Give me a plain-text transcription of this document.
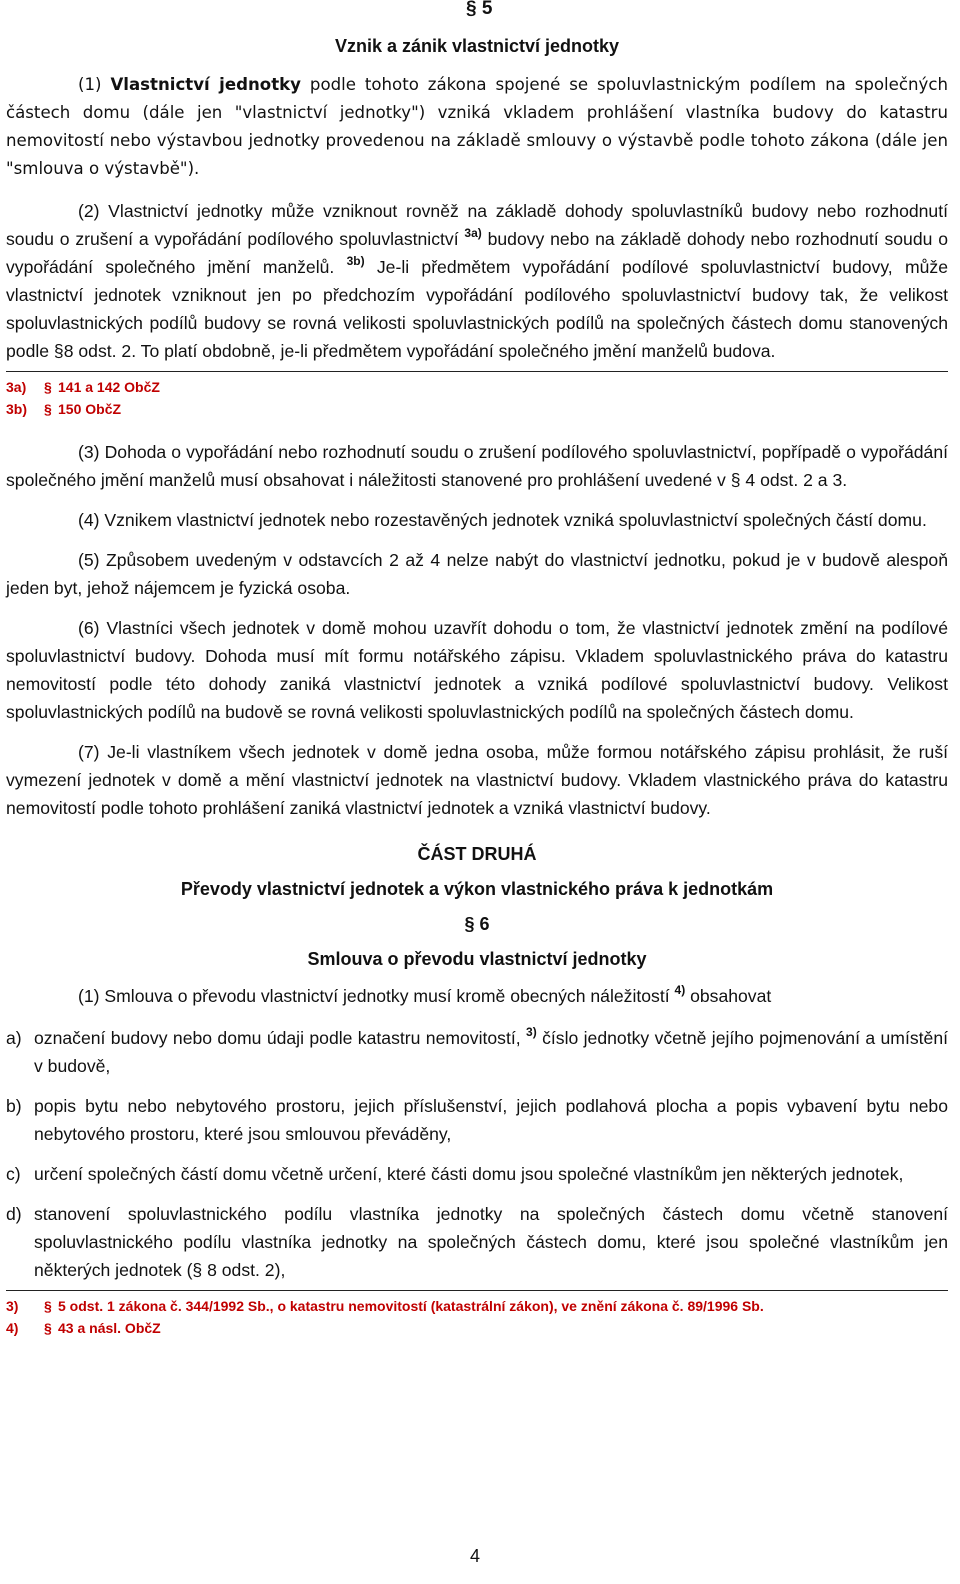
§ 5

Vznik a zánik vlastnictví jednotky

(1) Vlastnictví jednotky podle tohoto zákona spojené se spoluvlastnickým podílem na společných částech domu (dále jen "vlastnictví jednotky") vzniká vkladem prohlášení vlastníka budovy do katastru nemovitostí nebo výstavbou jednotky provedenou na základě smlouvy o výstavbě podle tohoto zákona (dále jen "smlouva o výstavbě").

(2) Vlastnictví jednotky může vzniknout rovněž na základě dohody spoluvlastníků budovy nebo rozhodnutí soudu o zrušení a vypořádání podílového spoluvlastnictví $^{3a)}$ budovy nebo na základě dohody nebo rozhodnutí soudu o vypořádání společného jmění manželů. $^{3b)}$ Je-li předmětem vypořádání podílové spoluvlastnictví budovy, může vlastnictví jednotek vzniknout jen po předchozím vypořádání podílového spoluvlastnictví budovy tak, že velikost spoluvlastnických podílů budovy se rovná velikosti spoluvlastnických podílů na společných částech domu stanovených podle §8 odst. 2. To platí obdobně, je-li předmětem vypořádání společného jmění manželů budova.

3a) § 141 a 142 ObčZ

3b) § 150 ObčZ

(3) Dohoda o vypořádání nebo rozhodnutí soudu o zrušení podílového spoluvlastnictví, popřípadě o vypořádání společného jmění manželů musí obsahovat i náležitosti stanovené pro prohlášení uvedené v § 4 odst. 2 a 3.

(4) Vznikem vlastnictví jednotek nebo rozestavěných jednotek vzniká spoluvlastnictví společných částí domu.

(5) Způsobem uvedeným v odstavcích 2 až 4 nelze nabýt do vlastnictví jednotku, pokud je v budově alespoň jeden byt, jehož nájemcem je fyzická osoba.

(6) Vlastníci všech jednotek v domě mohou uzavřít dohodu o tom, že vlastnictví jednotek změní na podílové spoluvlastnictví budovy. Dohoda musí mít formu notářského zápisu. Vkladem spoluvlastnického práva do katastru nemovitostí podle této dohody zaniká vlastnictví jednotek a vzniká podílové spoluvlastnictví budovy. Velikost spoluvlastnických podílů na budově se rovná velikosti spoluvlastnických podílů na společných částech domu.

(7) Je-li vlastníkem všech jednotek v domě jedna osoba, může formou notářského zápisu prohlásit, že ruší vymezení jednotek v domě a mění vlastnictví jednotek na vlastnictví budovy. Vkladem vlastnického práva do katastru nemovitostí podle tohoto prohlášení zaniká vlastnictví jednotek a vzniká vlastnictví budovy.

ČÁST DRUHÁ

Převody vlastnictví jednotek a výkon vlastnického práva k jednotkám

§ 6

Smlouva o převodu vlastnictví jednotky

(1) Smlouva o převodu vlastnictví jednotky musí kromě obecných náležitostí $^{4)}$ obsahovat

a) označení budovy nebo domu údaji podle katastru nemovitostí, $^{3)}$ číslo jednotky včetně jejího pojmenování a umístění v budově,
b) popis bytu nebo nebytového prostoru, jejich příslušenství, jejich podlahová plocha a popis vybavení bytu nebo nebytového prostoru, které jsou smlouvou převáděny,
c) určení společných částí domu včetně určení, které části domu jsou společné vlastníkům jen některých jednotek,
d) stanovení spoluvlastnického podílu vlastníka jednotky na společných částech domu včetně stanovení spoluvlastnického podílu vlastníka jednotky na společných částech domu, které jsou společné vlastníkům jen některých jednotek (§ 8 odst. 2),

3) § 5 odst. 1 zákona č. 344/1992 Sb., o katastru nemovitostí (katastrální zákon), ve znění zákona č. 89/1996 Sb.

4) § 43 a násl. ObčZ

4
